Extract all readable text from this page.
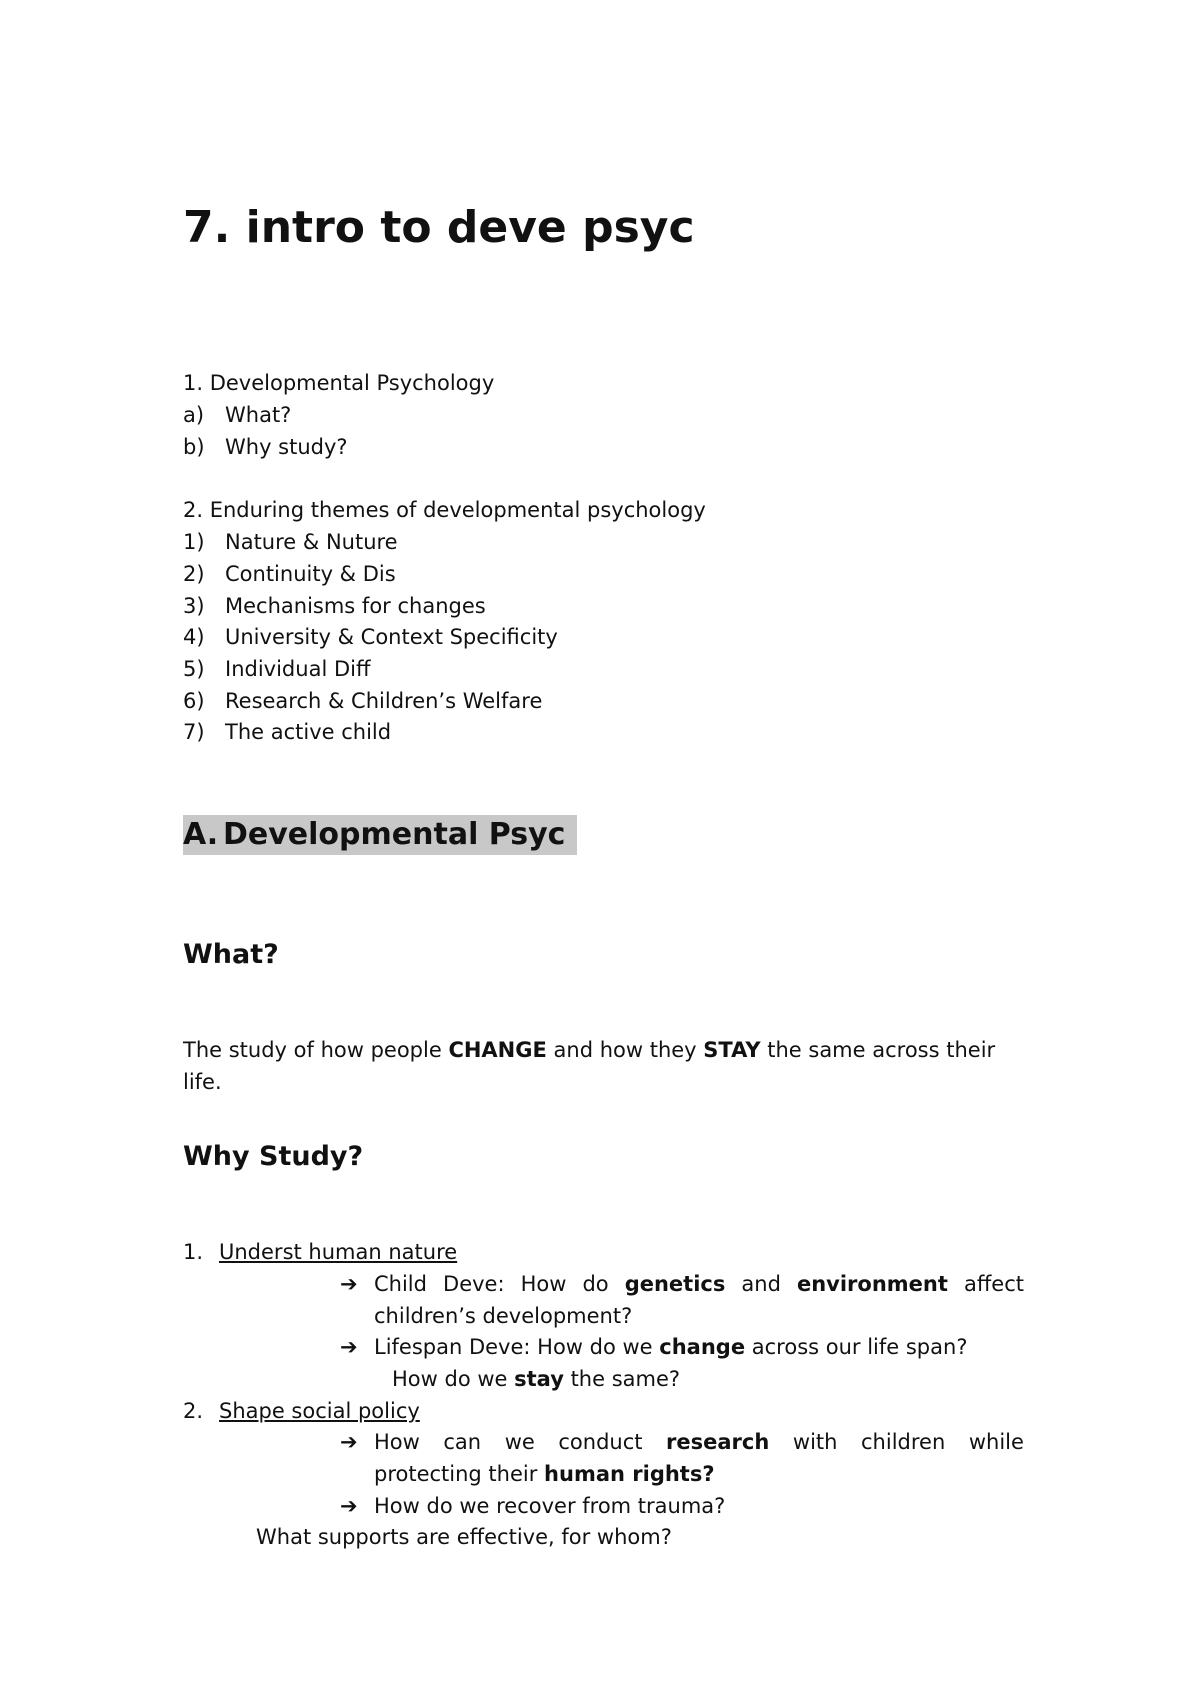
7. intro to deve psyc
1. Developmental Psychology
a) What?
b) Why study?
2. Enduring themes of developmental psychology
1) Nature & Nuture
2) Continuity & Dis
3) Mechanisms for changes
4) University & Context Specificity
5) Individual Diff
6) Research & Children’s Welfare
7) The active child
A. Developmental Psyc
What?
The study of how people CHANGE and how they STAY the same across their
life.
Why Study?
1. Underst human nature
➔ Child Deve: How do genetics and environment affect
children’s development?
➔ Lifespan Deve: How do we change across our life span?
How do we stay the same?
2. Shape social policy
➔ How can we conduct research with children while
protecting their human rights?
➔ How do we recover from trauma?
What supports are effective, for whom?
